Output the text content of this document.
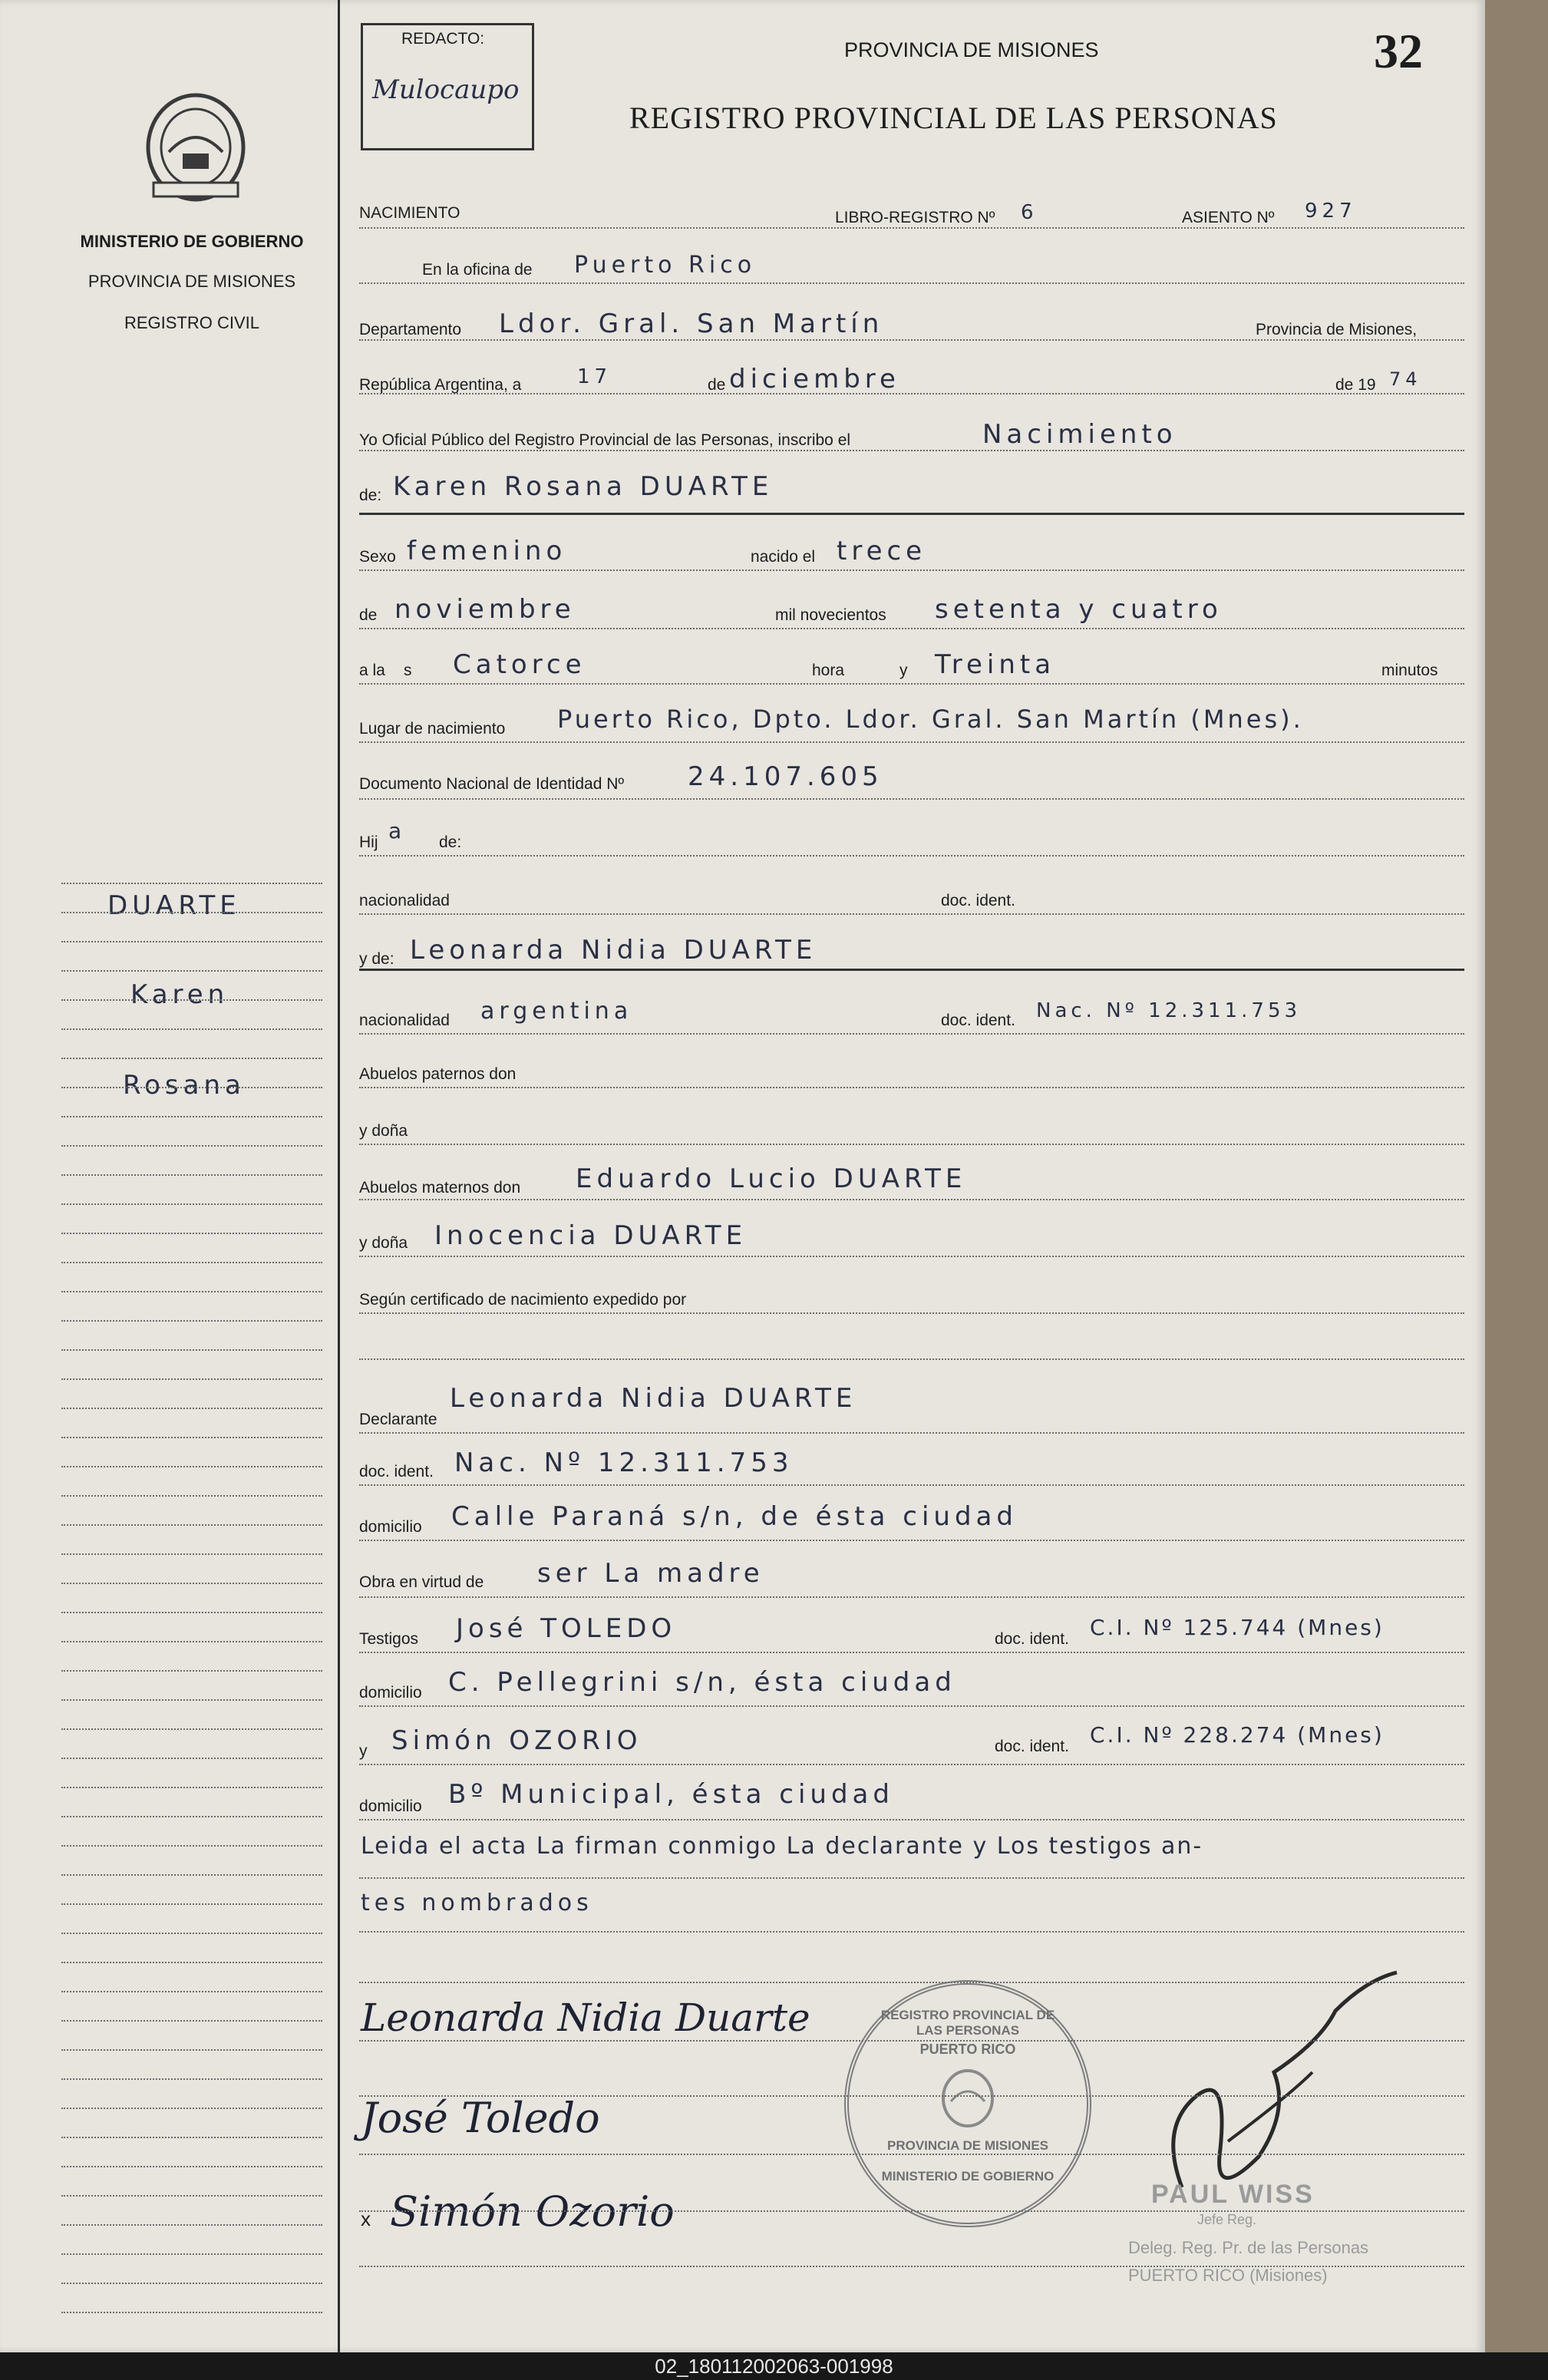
MINISTERIO DE GOBIERNO
PROVINCIA DE MISIONES
REGISTRO CIVIL
DUARTE
Karen
Rosana
REDACTO:
Mulocaupo
PROVINCIA DE MISIONES
REGISTRO PROVINCIAL DE LAS PERSONAS
32
NACIMIENTO	LIBRO-REGISTRO Nº 6	ASIENTO Nº 927
En la oficina de Puerto Rico
Departamento Ldor. Gral. San Martín	Provincia de Misiones,
República Argentina, a	17	de diciembre	de 19 74
Yo Oficial Público del Registro Provincial de las Personas, inscribo el	Nacimiento
de: Karen Rosana DUARTE
Sexo femenino	nacido el trece
de noviembre	mil novecientos setenta y cuatro
a la s Catorce	hora	y Treinta	minutos
Lugar de nacimiento Puerto Rico, Dpto. Ldor. Gral. San Martín (Mnes).
Documento Nacional de Identidad Nº 24.107.605
Hij a de:
nacionalidad	doc. ident.
y de: Leonarda Nidia DUARTE
nacionalidad argentina	doc. ident. Nac. Nº 12.311.753
Abuelos paternos don
y doña
Abuelos maternos don Eduardo Lucio DUARTE
y doña Inocencia DUARTE
Según certificado de nacimiento expedido por
Declarante
Leonarda Nidia DUARTE
doc. ident. Nac. Nº 12.311.753
domicilio Calle Paraná s/n, de ésta ciudad
Obra en virtud de ser La madre
Testigos José TOLEDO	doc. ident. C.I. Nº 125.744 (Mnes)
domicilio C. Pellegrini s/n, ésta ciudad
y Simón OZORIO	doc. ident. C.I. Nº 228.274 (Mnes)
domicilio Bº Municipal, ésta ciudad
Leida el acta La firman conmigo La declarante y Los testigos an-
tes nombrados
Leonarda Nidia Duarte
José Toledo
x Simón Ozorio
REGISTRO PROVINCIAL DE LAS PERSONAS
PUERTO RICO
PROVINCIA DE MISIONES
MINISTERIO DE GOBIERNO
PAUL WISS
Jefe Reg.
Deleg. Reg. Pr. de las Personas
PUERTO RICO (Misiones)
02_180112002063-001998
